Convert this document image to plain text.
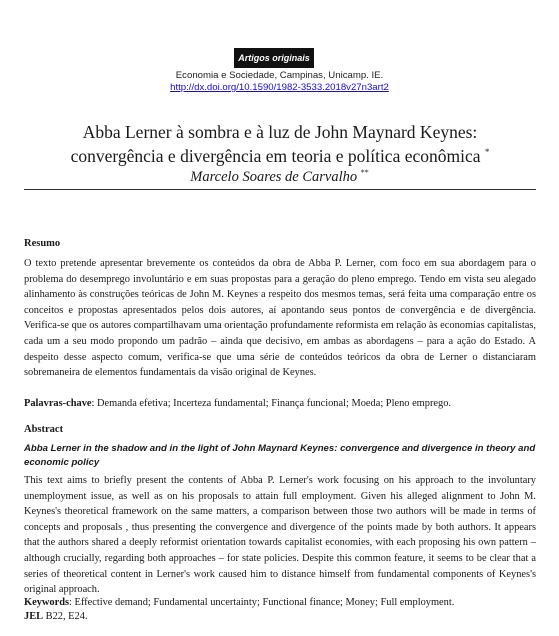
Artigos originais
Economia e Sociedade, Campinas, Unicamp. IE.
http://dx.doi.org/10.1590/1982-3533.2018v27n3art2
Abba Lerner à sombra e à luz de John Maynard Keynes:
convergência e divergência em teoria e política econômica *
Marcelo Soares de Carvalho **
Resumo
O texto pretende apresentar brevemente os conteúdos da obra de Abba P. Lerner, com foco em sua abordagem para o problema do desemprego involuntário e em suas propostas para a geração do pleno emprego. Tendo em vista seu alegado alinhamento às construções teóricas de John M. Keynes a respeito dos mesmos temas, será feita uma comparação entre os conceitos e propostas apresentados pelos dois autores, aí apontando seus pontos de convergência e de divergência. Verifica-se que os autores compartilhavam uma orientação profundamente reformista em relação às economias capitalistas, cada um a seu modo propondo um padrão – ainda que decisivo, em ambas as abordagens – para a ação do Estado. A despeito desse aspecto comum, verifica-se que uma série de conteúdos teóricos da obra de Lerner o distanciaram sobremaneira de elementos fundamentais da visão original de Keynes.
Palavras-chave: Demanda efetiva; Incerteza fundamental; Finança funcional; Moeda; Pleno emprego.
Abstract
Abba Lerner in the shadow and in the light of John Maynard Keynes: convergence and divergence in theory and economic policy
This text aims to briefly present the contents of Abba P. Lerner's work focusing on his approach to the involuntary unemployment issue, as well as on his proposals to attain full employment. Given his alleged alignment to John M. Keynes's theoretical framework on the same matters, a comparison between those two authors will be made in terms of concepts and proposals , thus presenting the convergence and divergence of the points made by both authors. It appears that the authors shared a deeply reformist orientation towards capitalist economies, with each proposing his own pattern – although crucially, regarding both approaches – for state policies. Despite this common feature, it seems to be clear that a series of theoretical content in Lerner's work caused him to distance himself from fundamental components of Keynes's original approach.
Keywords: Effective demand; Fundamental uncertainty; Functional finance; Money; Full employment.
JEL B22, E24.
